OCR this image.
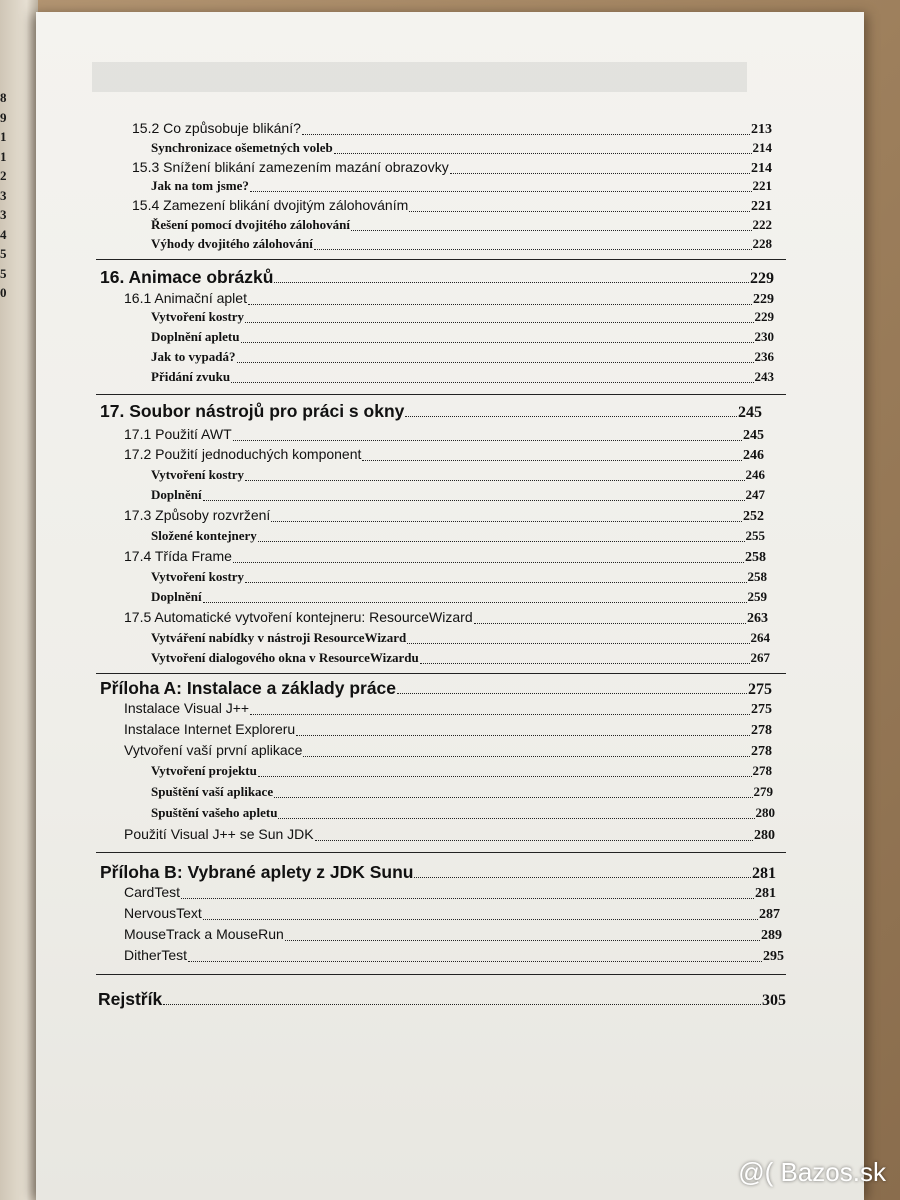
8
9
1
1
2
3
3
4
5
5
0
15.2 Co způsobuje blikání?	213
Synchronizace ošemetných voleb	214
15.3 Snížení blikání zamezením mazání obrazovky	214
Jak na tom jsme?	221
15.4 Zamezení blikání dvojitým zálohováním	221
Řešení pomocí dvojitého zálohování	222
Výhody dvojitého zálohování	228
16. Animace obrázků	229
16.1 Animační aplet	229
Vytvoření kostry	229
Doplnění apletu	230
Jak to vypadá?	236
Přidání zvuku	243
17. Soubor nástrojů pro práci s okny	245
17.1 Použití AWT	245
17.2 Použití jednoduchých komponent	246
Vytvoření kostry	246
Doplnění	247
17.3 Způsoby rozvržení	252
Složené kontejnery	255
17.4 Třída Frame	258
Vytvoření kostry	258
Doplnění	259
17.5 Automatické vytvoření kontejneru: ResourceWizard	263
Vytváření nabídky v nástroji ResourceWizard	264
Vytvoření dialogového okna v ResourceWizardu	267
Příloha A: Instalace a základy práce	275
Instalace Visual J++	275
Instalace Internet Exploreru	278
Vytvoření vaší první aplikace	278
Vytvoření projektu	278
Spuštění vaší aplikace	279
Spuštění vašeho apletu	280
Použití Visual J++ se Sun JDK	280
Příloha B: Vybrané aplety z JDK Sunu	281
CardTest	281
NervousText	287
MouseTrack a MouseRun	289
DitherTest	295
Rejstřík	305
@( Bazos.sk
